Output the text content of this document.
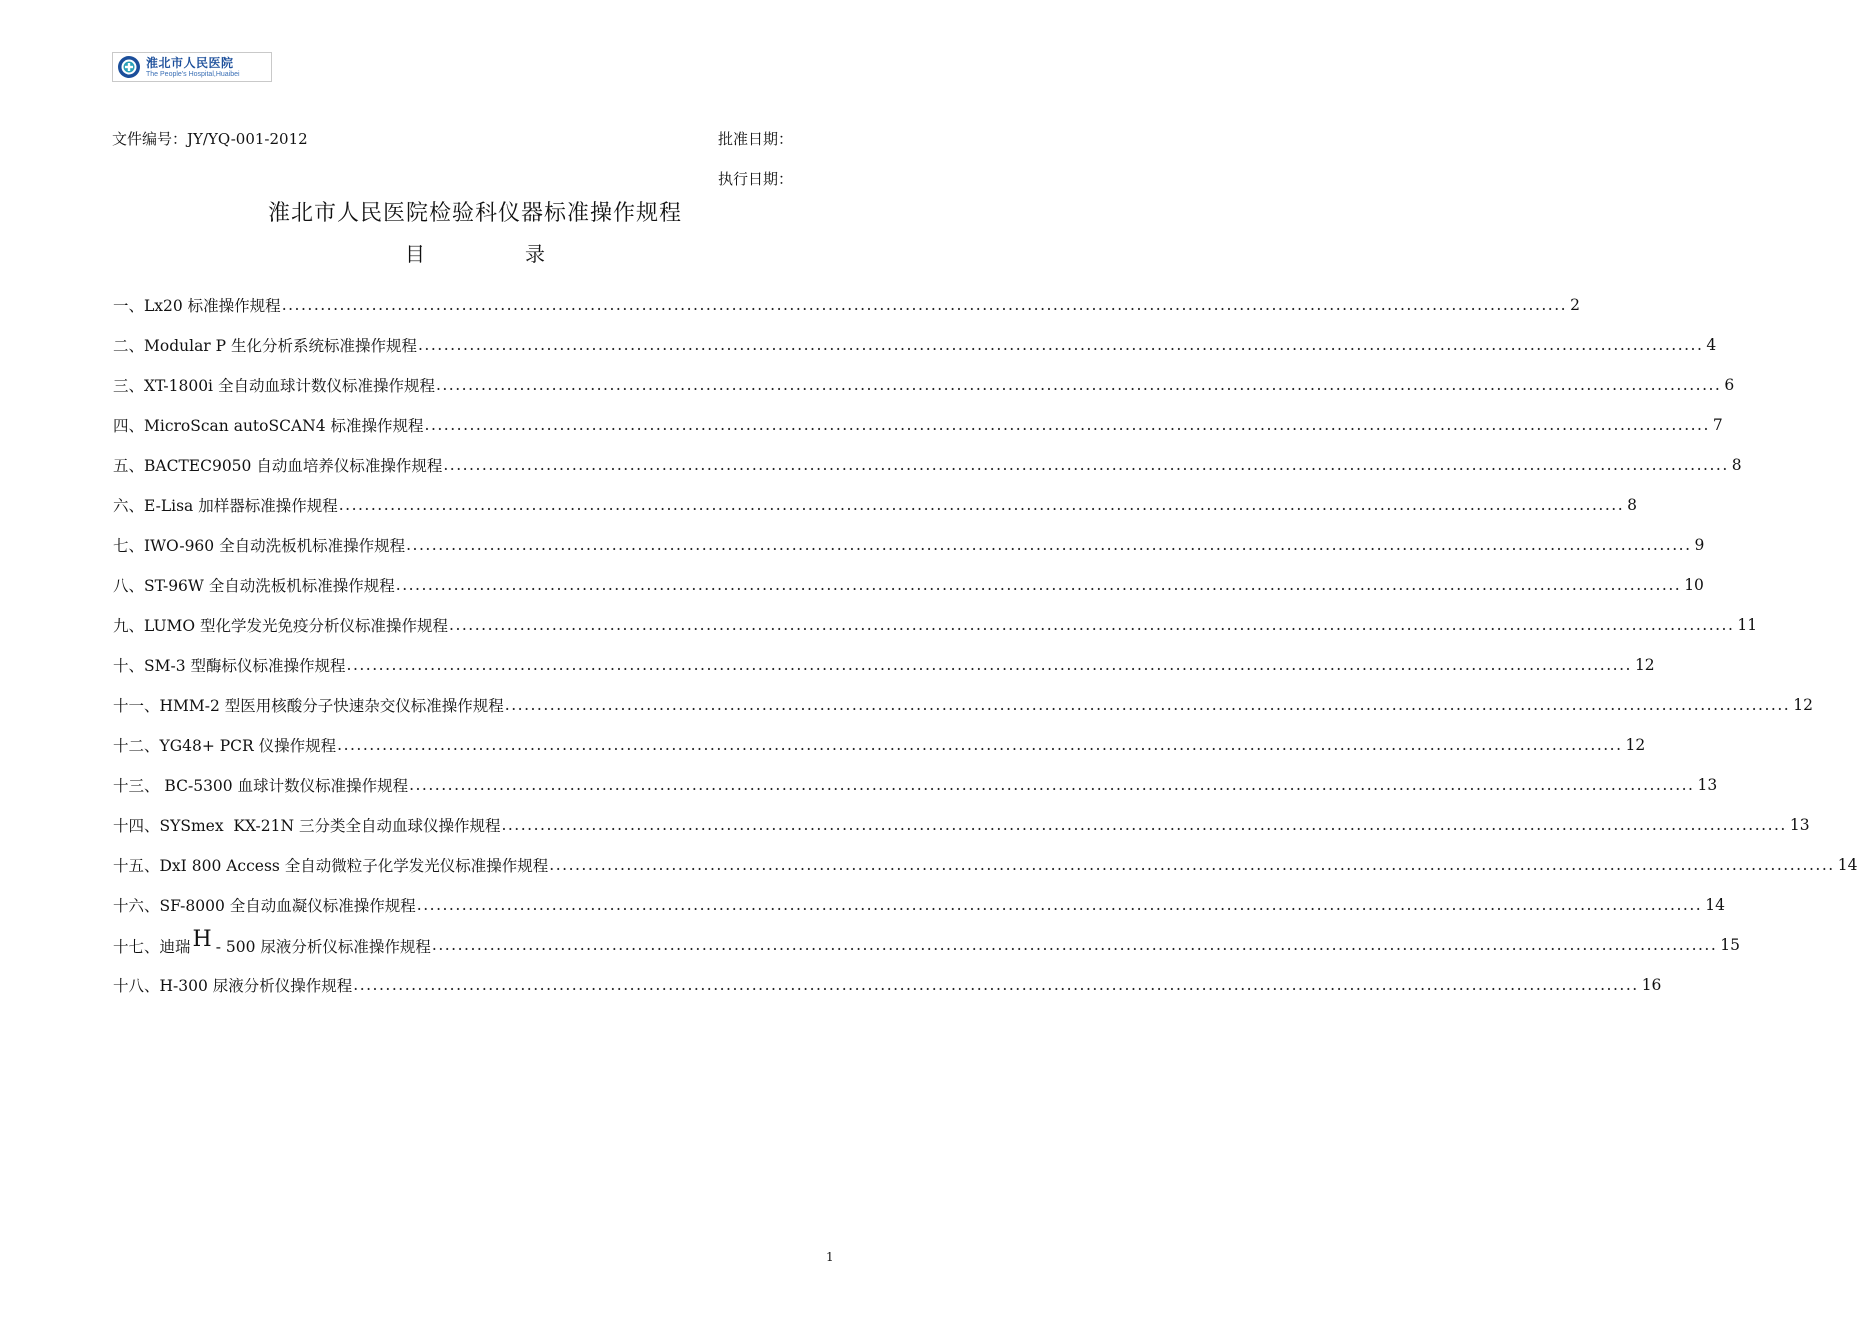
淮北市人民医院
The People's Hospital,Huaibei
文件编号：JY/YQ-001-2012	批准日期：
执行日期：
淮北市人民医院检验科仪器标准操作规程
目	录
一、Lx20 标准操作规程 ........................................................................................................................................................................................................ 2
二、Modular P 生化分析系统标准操作规程 ........................................................................................................................................................................................................ 4
三、XT-1800i 全自动血球计数仪标准操作规程 ........................................................................................................................................................................................................ 6
四、MicroScan autoSCAN4 标准操作规程 ........................................................................................................................................................................................................ 7
五、BACTEC9050 自动血培养仪标准操作规程 ........................................................................................................................................................................................................ 8
六、E-Lisa 加样器标准操作规程 ........................................................................................................................................................................................................ 8
七、IWO-960 全自动洗板机标准操作规程 ........................................................................................................................................................................................................ 9
八、ST-96W 全自动洗板机标准操作规程 ........................................................................................................................................................................................................ 10
九、LUMO 型化学发光免疫分析仪标准操作规程 ........................................................................................................................................................................................................ 11
十、SM-3 型酶标仪标准操作规程 ........................................................................................................................................................................................................ 12
十一、HMM-2 型医用核酸分子快速杂交仪标准操作规程 ........................................................................................................................................................................................................ 12
十二、YG48+ PCR 仪操作规程 ........................................................................................................................................................................................................ 12
十三、 BC-5300 血球计数仪标准操作规程 ........................................................................................................................................................................................................ 13
十四、SYSmex  KX-21N 三分类全自动血球仪操作规程 ........................................................................................................................................................................................................ 13
十五、DxI 800 Access 全自动微粒子化学发光仪标准操作规程 ........................................................................................................................................................................................................ 14
十六、SF-8000 全自动血凝仪标准操作规程 ........................................................................................................................................................................................................ 14
十七、迪瑞H - 500 尿液分析仪标准操作规程 ........................................................................................................................................................................................................ 15
十八、H-300 尿液分析仪操作规程 ........................................................................................................................................................................................................ 16
1
